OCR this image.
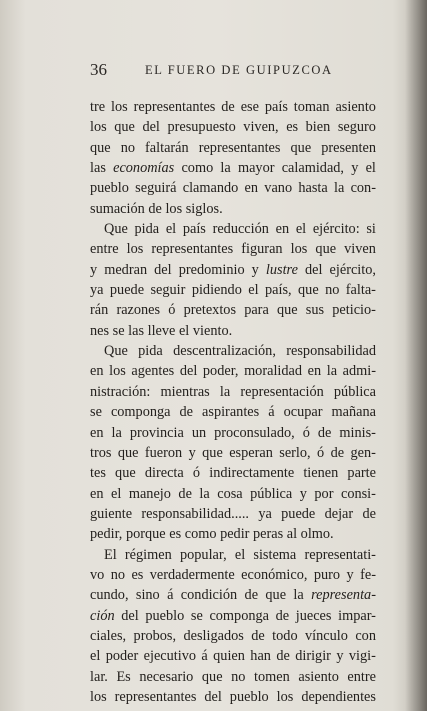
36	EL FUERO DE GUIPUZCOA
tre los representantes de ese país toman asiento
los que del presupuesto viven, es bien seguro
que no faltarán representantes que presenten
las economías como la mayor calamidad, y el
pueblo seguirá clamando en vano hasta la con-
sumación de los siglos.
Que pida el país reducción en el ejército: si
entre los representantes figuran los que viven
y medran del predominio y lustre del ejército,
ya puede seguir pidiendo el país, que no falta-
rán razones ó pretextos para que sus peticio-
nes se las lleve el viento.
Que pida descentralización, responsabilidad
en los agentes del poder, moralidad en la admi-
nistración: mientras la representación pública
se componga de aspirantes á ocupar mañana
en la provincia un proconsulado, ó de minis-
tros que fueron y que esperan serlo, ó de gen-
tes que directa ó indirectamente tienen parte
en el manejo de la cosa pública y por consi-
guiente responsabilidad..... ya puede dejar de
pedir, porque es como pedir peras al olmo.
El régimen popular, el sistema representati-
vo no es verdadermente económico, puro y fe-
cundo, sino á condición de que la representa-
ción del pueblo se componga de jueces impar-
ciales, probos, desligados de todo vínculo con
el poder ejecutivo á quien han de dirigir y vigi-
lar. Es necesario que no tomen asiento entre
los representantes del pueblo los dependientes
